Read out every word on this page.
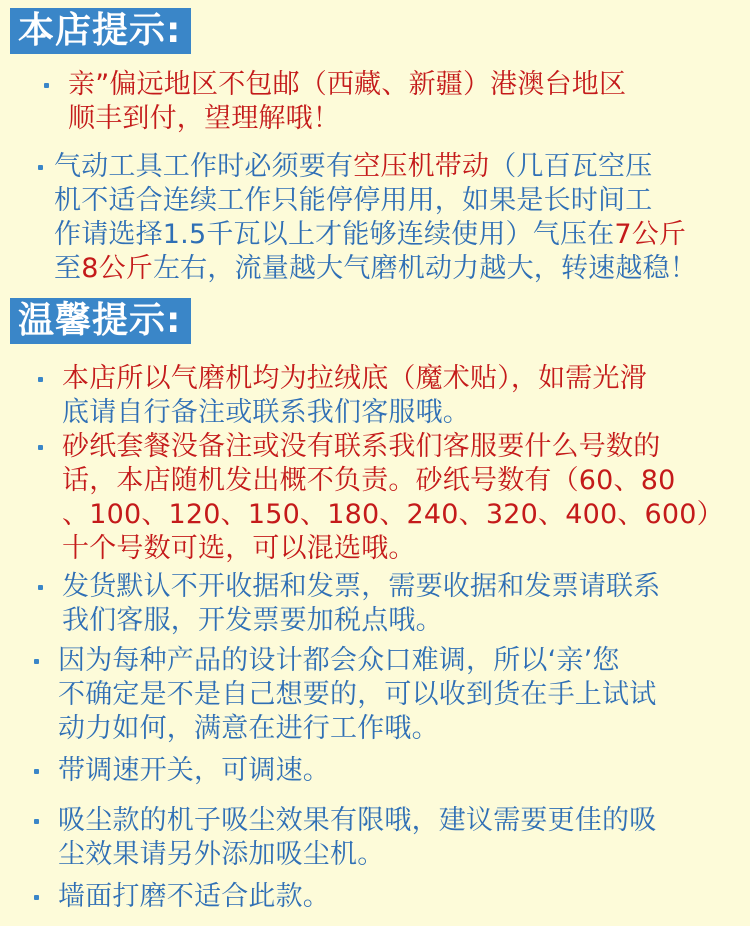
本店提示:
温馨提示:
亲”偏远地区不包邮（西藏、新疆）港澳台地区
顺丰到付，望理解哦！
气动工具工作时必须要有空压机带动（几百瓦空压
机不适合连续工作只能停停用用，如果是长时间工
作请选择1.5千瓦以上才能够连续使用）气压在7公斤
至8公斤左右，流量越大气磨机动力越大，转速越稳！
本店所以气磨机均为拉绒底（魔术贴），如需光滑
底请自行备注或联系我们客服哦。
砂纸套餐没备注或没有联系我们客服要什么号数的
话，本店随机发出概不负责。砂纸号数有（60、80
、100、120、150、180、240、320、400、600）
十个号数可选，可以混选哦。
发货默认不开收据和发票，需要收据和发票请联系
我们客服，开发票要加税点哦。
因为每种产品的设计都会众口难调，所以‘亲’您
不确定是不是自己想要的，可以收到货在手上试试
动力如何，满意在进行工作哦。
带调速开关，可调速。
吸尘款的机子吸尘效果有限哦，建议需要更佳的吸
尘效果请另外添加吸尘机。
墙面打磨不适合此款。
